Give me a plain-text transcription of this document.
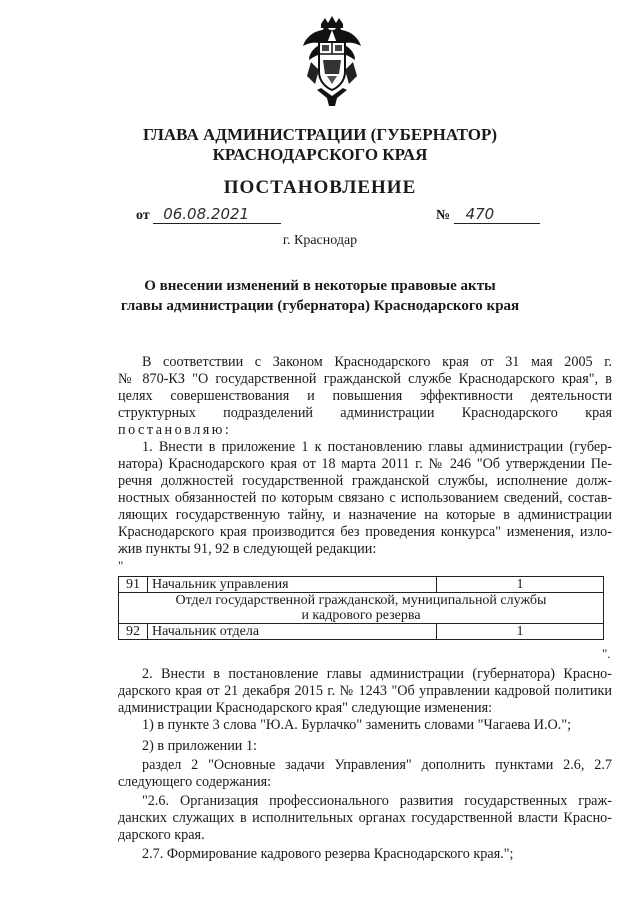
ГЛАВА АДМИНИСТРАЦИИ (ГУБЕРНАТОР)
КРАСНОДАРСКОГО КРАЯ
ПОСТАНОВЛЕНИЕ
от 06.08.2021	№ 470
г. Краснодар
О внесении изменений в некоторые правовые акты
главы администрации (губернатора) Краснодарского края
В соответствии с Законом Краснодарского края от 31 мая 2005 г.
№ 870-КЗ "О государственной гражданской службе Краснодарского края", в
целях совершенствования и повышения эффективности деятельности
структурных подразделений администрации Краснодарского края
постановляю:
1. Внести в приложение 1 к постановлению главы администрации (губер-
натора) Краснодарского края от 18 марта 2011 г. № 246 "Об утверждении Пе-
речня должностей государственной гражданской службы, исполнение долж-
ностных обязанностей по которым связано с использованием сведений, состав-
ляющих государственную тайну, и назначение на которые в администрации
Краснодарского края производится без проведения конкурса" изменения, изло-
жив пункты 91, 92 в следующей редакции:
"
91	Начальник управления	1

Отдел государственной гражданской, муниципальной службы
и кадрового резерва		

92	Начальник отдела	1
".
2. Внести в постановление главы администрации (губернатора) Красно-
дарского края от 21 декабря 2015 г. № 1243 "Об управлении кадровой политики
администрации Краснодарского края" следующие изменения:
1) в пункте 3 слова "Ю.А. Бурлачко" заменить словами "Чагаева И.О.";
2) в приложении 1:
раздел 2 "Основные задачи Управления" дополнить пунктами 2.6, 2.7
следующего содержания:
"2.6. Организация профессионального развития государственных граж-
данских служащих в исполнительных органах государственной власти Красно-
дарского края.
2.7. Формирование кадрового резерва Краснодарского края.";
